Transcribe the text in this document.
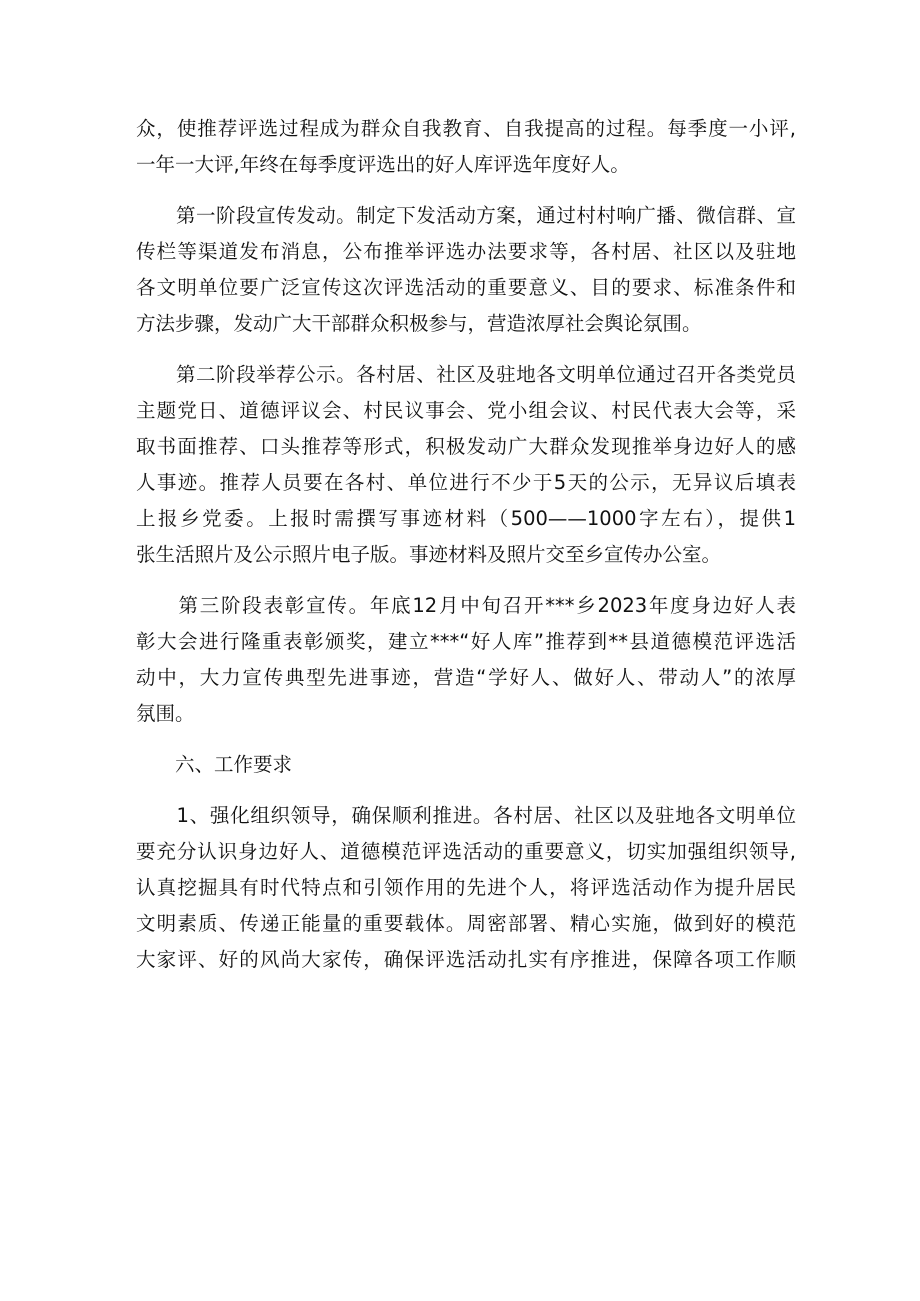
众，使推荐评选过程成为群众自我教育、自我提高的过程。每季度一小评,
一年一大评,年终在每季度评选出的好人库评选年度好人。
　　第一阶段宣传发动。制定下发活动方案，通过村村响广播、微信群、宣
传栏等渠道发布消息，公布推举评选办法要求等，各村居、社区以及驻地
各文明单位要广泛宣传这次评选活动的重要意义、目的要求、标准条件和
方法步骤，发动广大干部群众积极参与，营造浓厚社会舆论氛围。
　　第二阶段举荐公示。各村居、社区及驻地各文明单位通过召开各类党员
主题党日、道德评议会、村民议事会、党小组会议、村民代表大会等，采
取书面推荐、口头推荐等形式，积极发动广大群众发现推举身边好人的感
人事迹。推荐人员要在各村、单位进行不少于5天的公示，无异议后填表
上报乡党委。上报时需撰写事迹材料（500——1000字左右），提供1
张生活照片及公示照片电子版。事迹材料及照片交至乡宣传办公室。
　　第三阶段表彰宣传。年底12月中旬召开***乡2023年度身边好人表
彰大会进行隆重表彰颁奖，建立***“好人库”推荐到**县道德模范评选活
动中，大力宣传典型先进事迹，营造“学好人、做好人、带动人”的浓厚
氛围。
　　六、工作要求
　　1、强化组织领导，确保顺利推进。各村居、社区以及驻地各文明单位
要充分认识身边好人、道德模范评选活动的重要意义，切实加强组织领导,
认真挖掘具有时代特点和引领作用的先进个人，将评选活动作为提升居民
文明素质、传递正能量的重要载体。周密部署、精心实施，做到好的模范
大家评、好的风尚大家传，确保评选活动扎实有序推进，保障各项工作顺
